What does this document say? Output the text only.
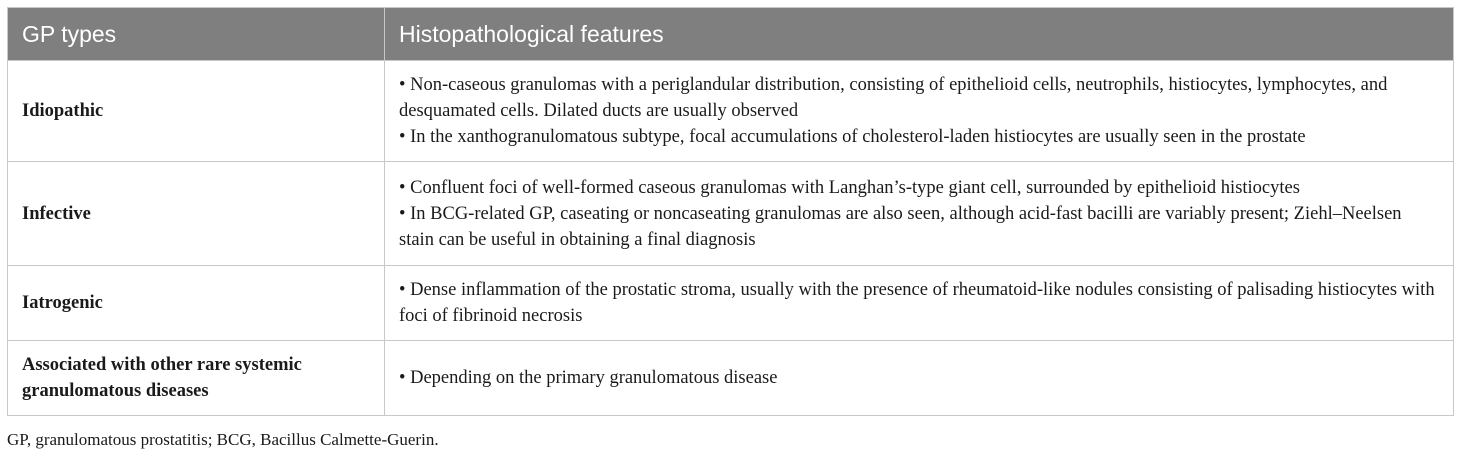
GP types	Histopathological features
Idiopathic	• Non-caseous granulomas with a periglandular distribution, consisting of epithelioid cells, neutrophils, histiocytes, lymphocytes, and desquamated cells. Dilated ducts are usually observed
• In the xanthogranulomatous subtype, focal accumulations of cholesterol-laden histiocytes are usually seen in the prostate

Infective	• Confluent foci of well-formed caseous granulomas with Langhan’s-type giant cell, surrounded by epithelioid histiocytes
• In BCG-related GP, caseating or noncaseating granulomas are also seen, although acid-fast bacilli are variably present; Ziehl–Neelsen stain can be useful in obtaining a final diagnosis

Iatrogenic	• Dense inflammation of the prostatic stroma, usually with the presence of rheumatoid-like nodules consisting of palisading histiocytes with foci of fibrinoid necrosis

Associated with other rare systemic granulomatous diseases	• Depending on the primary granulomatous disease
GP, granulomatous prostatitis; BCG, Bacillus Calmette-Guerin.
